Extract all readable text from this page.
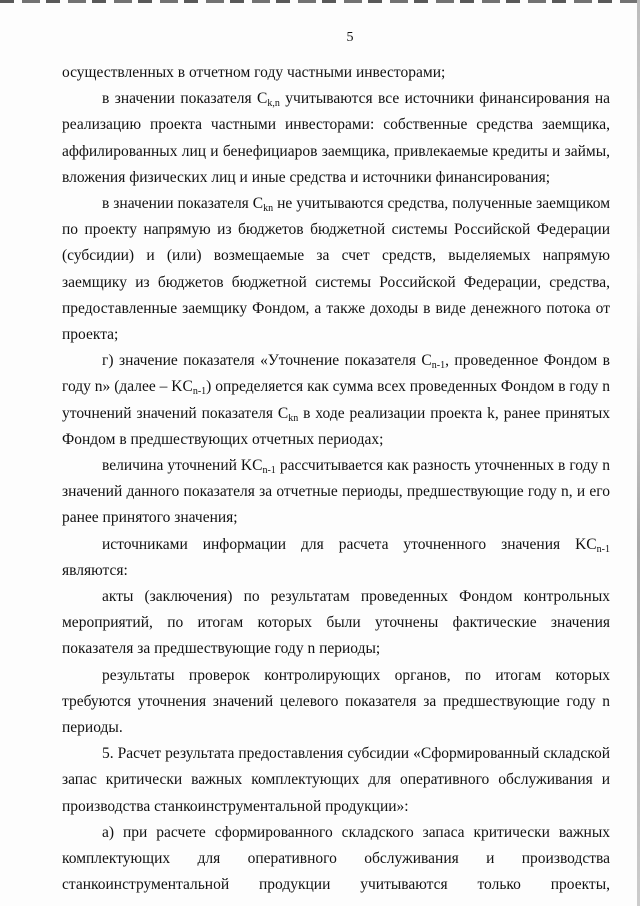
5

осуществленных в отчетном году частными инвесторами;

в значении показателя $C_{k,n}$ учитываются все источники финансирования на реализацию проекта частными инвесторами: собственные средства заемщика, аффилированных лиц и бенефициаров заемщика, привлекаемые кредиты и займы, вложения физических лиц и иные средства и источники финансирования;

в значении показателя $C_{kn}$ не учитываются средства, полученные заемщиком по проекту напрямую из бюджетов бюджетной системы Российской Федерации (субсидии) и (или) возмещаемые за счет средств, выделяемых напрямую заемщику из бюджетов бюджетной системы Российской Федерации, средства, предоставленные заемщику Фондом, а также доходы в виде денежного потока от проекта;

г) значение показателя «Уточнение показателя $C_{n-1}$, проведенное Фондом в году n» (далее – $KC_{n-1}$) определяется как сумма всех проведенных Фондом в году n уточнений значений показателя $C_{kn}$ в ходе реализации проекта k, ранее принятых Фондом в предшествующих отчетных периодах;

величина уточнений $KC_{n-1}$ рассчитывается как разность уточненных в году n значений данного показателя за отчетные периоды, предшествующие году n, и его ранее принятого значения;

источниками информации для расчета уточненного значения $KC_{n-1}$ являются:

акты (заключения) по результатам проведенных Фондом контрольных мероприятий, по итогам которых были уточнены фактические значения показателя за предшествующие году n периоды;

результаты проверок контролирующих органов, по итогам которых требуются уточнения значений целевого показателя за предшествующие году n периоды.

5. Расчет результата предоставления субсидии «Сформированный складской запас критически важных комплектующих для оперативного обслуживания и производства станкоинструментальной продукции»:

а) при расчете сформированного складского запаса критически важных комплектующих для оперативного обслуживания и производства станкоинструментальной продукции учитываются только проекты,
